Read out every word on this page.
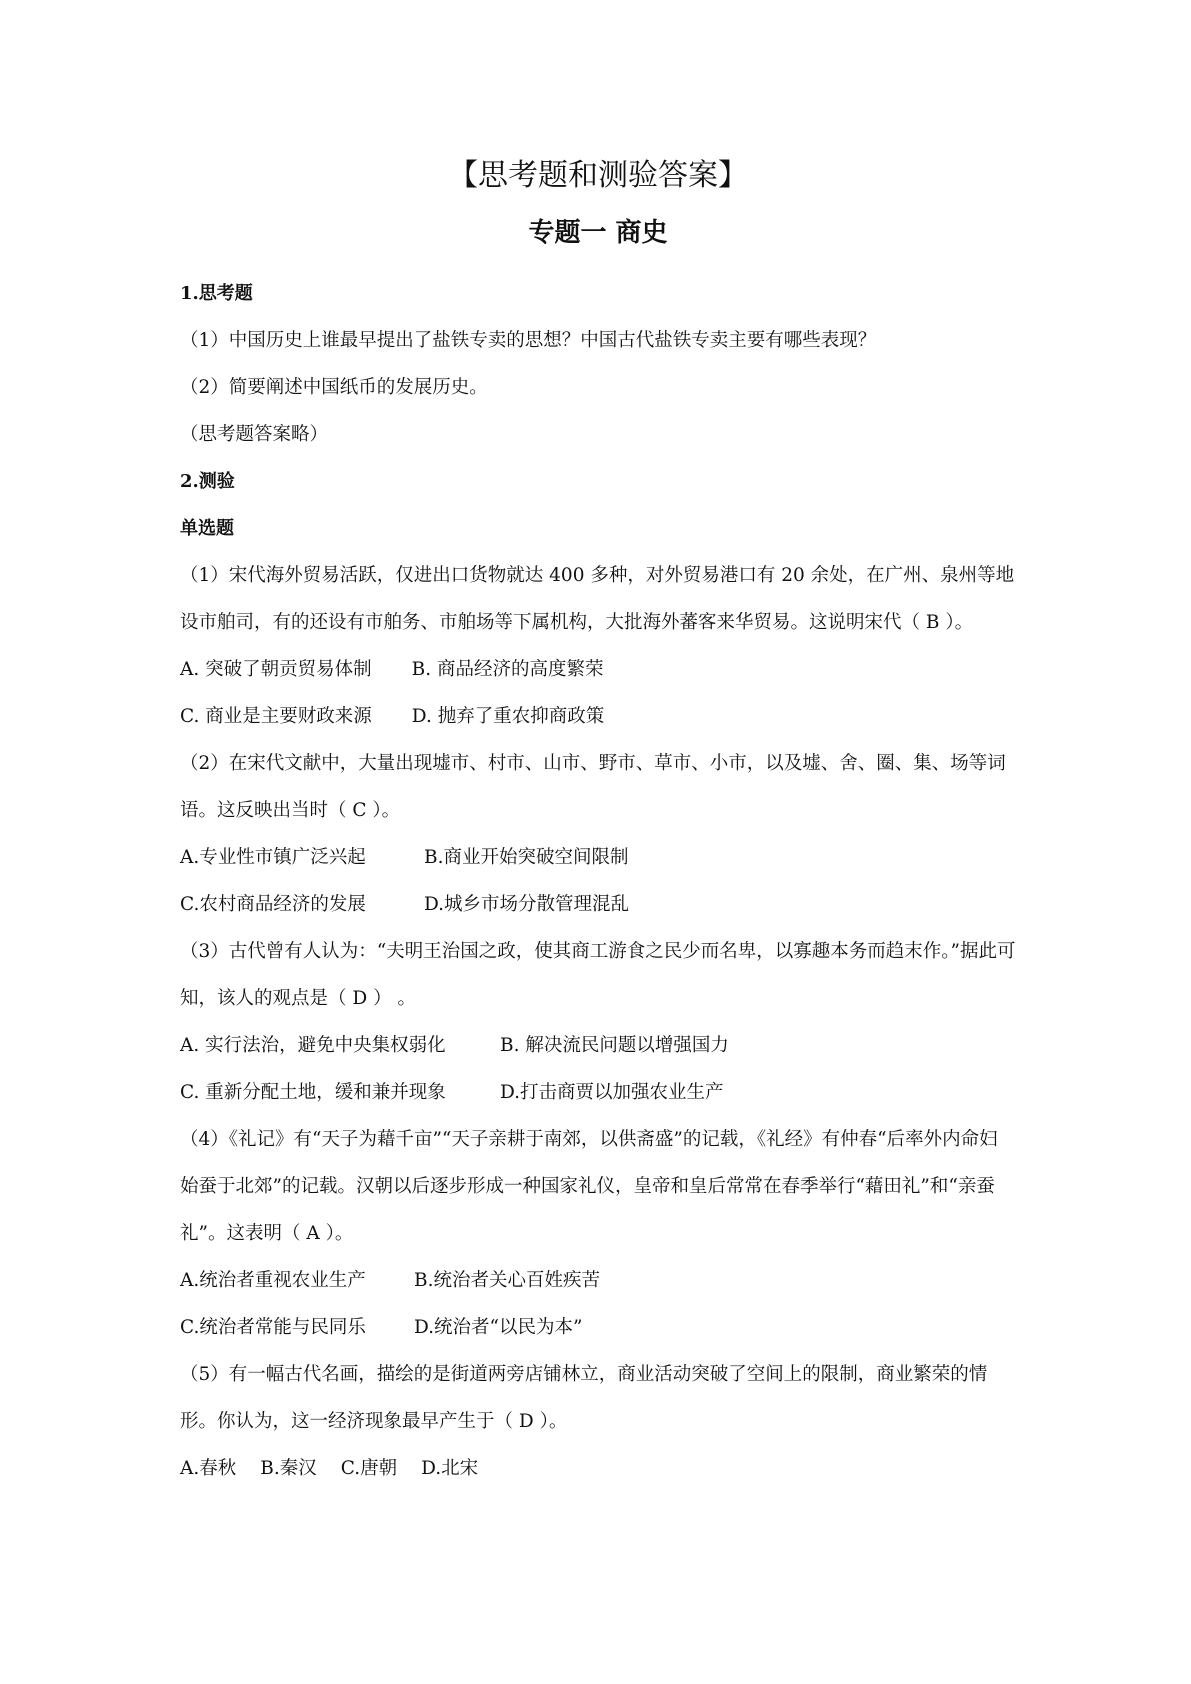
【思考题和测验答案】
专题一 商史

1.思考题

（1）中国历史上谁最早提出了盐铁专卖的思想？中国古代盐铁专卖主要有哪些表现？

（2）简要阐述中国纸币的发展历史。

（思考题答案略）

2.测验

单选题

（1）宋代海外贸易活跃，仅进出口货物就达 400 多种，对外贸易港口有 20 余处，在广州、泉州等地设市舶司，有的还设有市舶务、市舶场等下属机构，大批海外蕃客来华贸易。这说明宋代（ B ）。

A. 突破了朝贡贸易体制 B. 商品经济的高度繁荣

C. 商业是主要财政来源 D. 抛弃了重农抑商政策

（2）在宋代文献中，大量出现墟市、村市、山市、野市、草市、小市，以及墟、舍、圈、集、场等词语。这反映出当时（ C ）。

A.专业性市镇广泛兴起	B.商业开始突破空间限制

C.农村商品经济的发展	D.城乡市场分散管理混乱

（3）古代曾有人认为：“夫明王治国之政，使其商工游食之民少而名卑，以寡趣本务而趋末作。”据此可知，该人的观点是（ D ） 。

A. 实行法治，避免中央集权弱化	B. 解决流民问题以增强国力

C. 重新分配土地，缓和兼并现象	D.打击商贾以加强农业生产

（4）《礼记》有“天子为藉千亩”“天子亲耕于南郊，以供斋盛”的记载，《礼经》有仲春“后率外内命妇始蚕于北郊”的记载。汉朝以后逐步形成一种国家礼仪，皇帝和皇后常常在春季举行“藉田礼”和“亲蚕礼”。这表明（ A ）。

A.统治者重视农业生产	B.统治者关心百姓疾苦

C.统治者常能与民同乐	D.统治者“以民为本”

（5）有一幅古代名画，描绘的是街道两旁店铺林立，商业活动突破了空间上的限制，商业繁荣的情形。你认为，这一经济现象最早产生于（ D ）。

A.春秋 B.秦汉 C.唐朝 D.北宋
